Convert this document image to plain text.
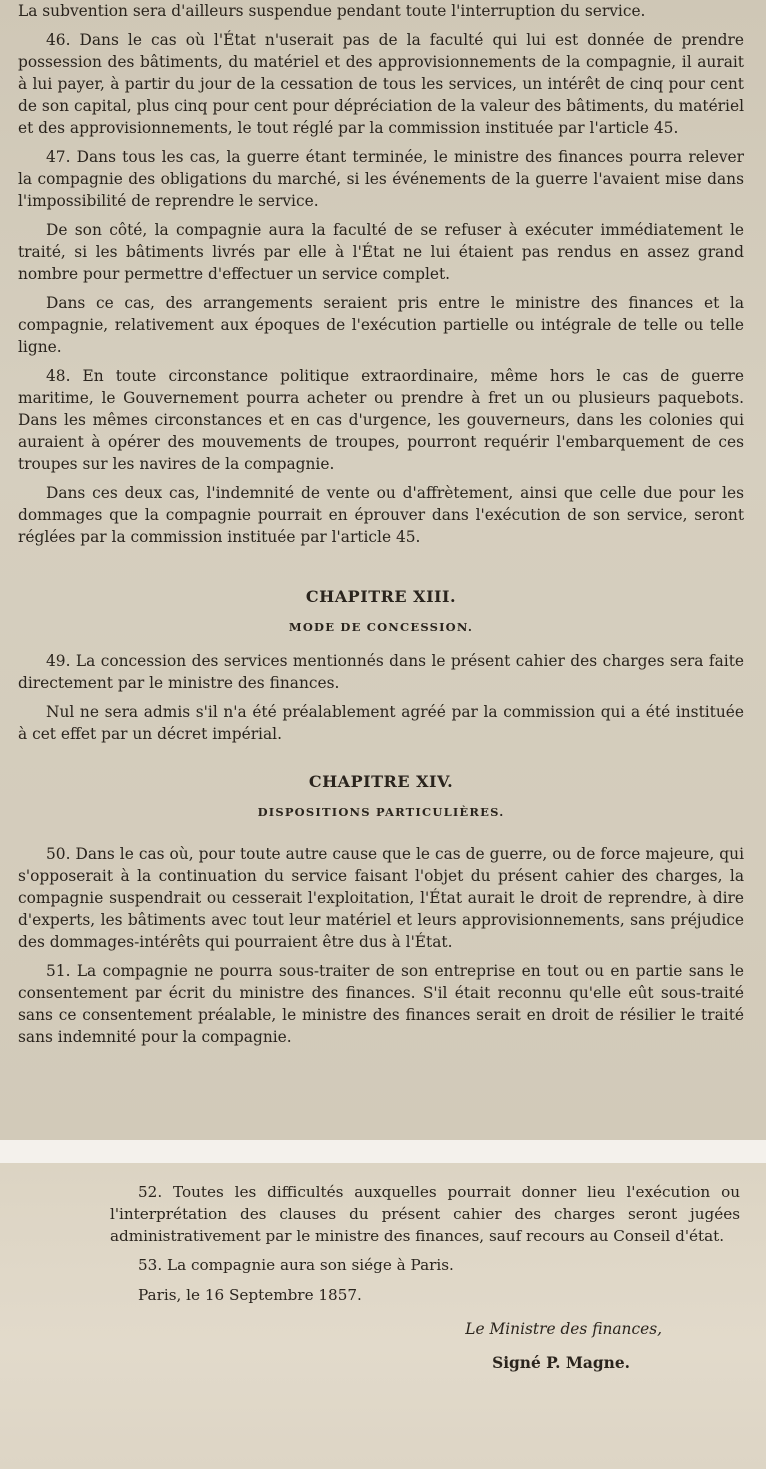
La subvention sera d'ailleurs suspendue pendant toute l'interruption du service.

46. Dans le cas où l'État n'userait pas de la faculté qui lui est donnée de prendre possession des bâtiments, du matériel et des approvisionnements de la compagnie, il aurait à lui payer, à partir du jour de la cessation de tous les services, un intérêt de cinq pour cent de son capital, plus cinq pour cent pour dépréciation de la valeur des bâtiments, du matériel et des approvisionnements, le tout réglé par la commission instituée par l'article 45.

47. Dans tous les cas, la guerre étant terminée, le ministre des finances pourra relever la compagnie des obligations du marché, si les événements de la guerre l'avaient mise dans l'impossibilité de reprendre le service.

De son côté, la compagnie aura la faculté de se refuser à exécuter immédiatement le traité, si les bâtiments livrés par elle à l'État ne lui étaient pas rendus en assez grand nombre pour permettre d'effectuer un service complet.

Dans ce cas, des arrangements seraient pris entre le ministre des finances et la compagnie, relativement aux époques de l'exécution partielle ou intégrale de telle ou telle ligne.

48. En toute circonstance politique extraordinaire, même hors le cas de guerre maritime, le Gouvernement pourra acheter ou prendre à fret un ou plusieurs paquebots. Dans les mêmes circonstances et en cas d'urgence, les gouverneurs, dans les colonies qui auraient à opérer des mouvements de troupes, pourront requérir l'embarquement de ces troupes sur les navires de la compagnie.

Dans ces deux cas, l'indemnité de vente ou d'affrètement, ainsi que celle due pour les dommages que la compagnie pourrait en éprouver dans l'exécution de son service, seront réglées par la commission instituée par l'article 45.

CHAPITRE XIII.
MODE DE CONCESSION.

49. La concession des services mentionnés dans le présent cahier des charges sera faite directement par le ministre des finances.

Nul ne sera admis s'il n'a été préalablement agréé par la commission qui a été instituée à cet effet par un décret impérial.

CHAPITRE XIV.
DISPOSITIONS PARTICULIÈRES.

50. Dans le cas où, pour toute autre cause que le cas de guerre, ou de force majeure, qui s'opposerait à la continuation du service faisant l'objet du présent cahier des charges, la compagnie suspendrait ou cesserait l'exploitation, l'État aurait le droit de reprendre, à dire d'experts, les bâtiments avec tout leur matériel et leurs approvisionnements, sans préjudice des dommages-intérêts qui pourraient être dus à l'État.

51. La compagnie ne pourra sous-traiter de son entreprise en tout ou en partie sans le consentement par écrit du ministre des finances. S'il était reconnu qu'elle eût sous-traité sans ce consentement préalable, le ministre des finances serait en droit de résilier le traité sans indemnité pour la compagnie.

52. Toutes les difficultés auxquelles pourrait donner lieu l'exécution ou l'interprétation des clauses du présent cahier des charges seront jugées administrativement par le ministre des finances, sauf recours au Conseil d'état.

53. La compagnie aura son siége à Paris.

Paris, le 16 Septembre 1857.

Le Ministre des finances,
Signé P. Magne.
